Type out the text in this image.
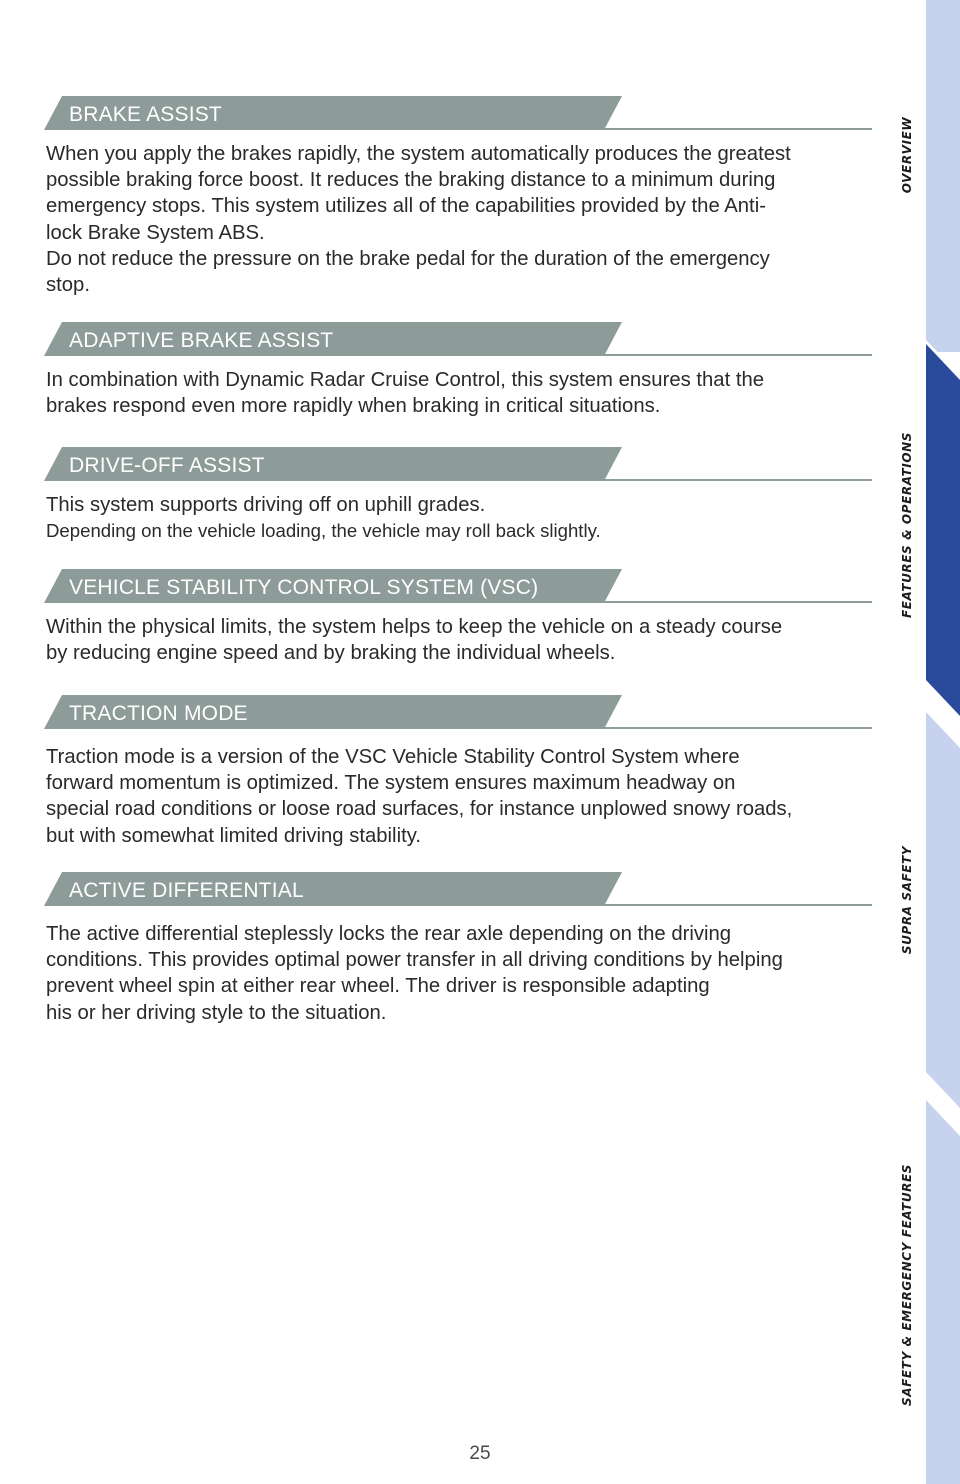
BRAKE ASSIST

When you apply the brakes rapidly, the system automatically produces the greatest
possible braking force boost. It reduces the braking distance to a minimum during
emergency stops. This system utilizes all of the capabilities provided by the Anti-
lock Brake System ABS.
Do not reduce the pressure on the brake pedal for the duration of the emergency
stop.

ADAPTIVE BRAKE ASSIST

In combination with Dynamic Radar Cruise Control, this system ensures that the
brakes respond even more rapidly when braking in critical situations.

DRIVE-OFF ASSIST

This system supports driving off on uphill grades.
Depending on the vehicle loading, the vehicle may roll back slightly.

VEHICLE STABILITY CONTROL SYSTEM (VSC)

Within the physical limits, the system helps to keep the vehicle on a steady course
by reducing engine speed and by braking the individual wheels.

TRACTION MODE

Traction mode is a version of the VSC Vehicle Stability Control System where
forward momentum is optimized. The system ensures maximum headway on
special road conditions or loose road surfaces, for instance unplowed snowy roads,
but with somewhat limited driving stability.

ACTIVE DIFFERENTIAL

The active differential steplessly locks the rear axle depending on the driving
conditions. This provides optimal power transfer in all driving conditions by helping
prevent wheel spin at either rear wheel. The driver is responsible adapting
his or her driving style to the situation.

OVERVIEW
FEATURES & OPERATIONS
SUPRA SAFETY
SAFETY & EMERGENCY FEATURES
25
